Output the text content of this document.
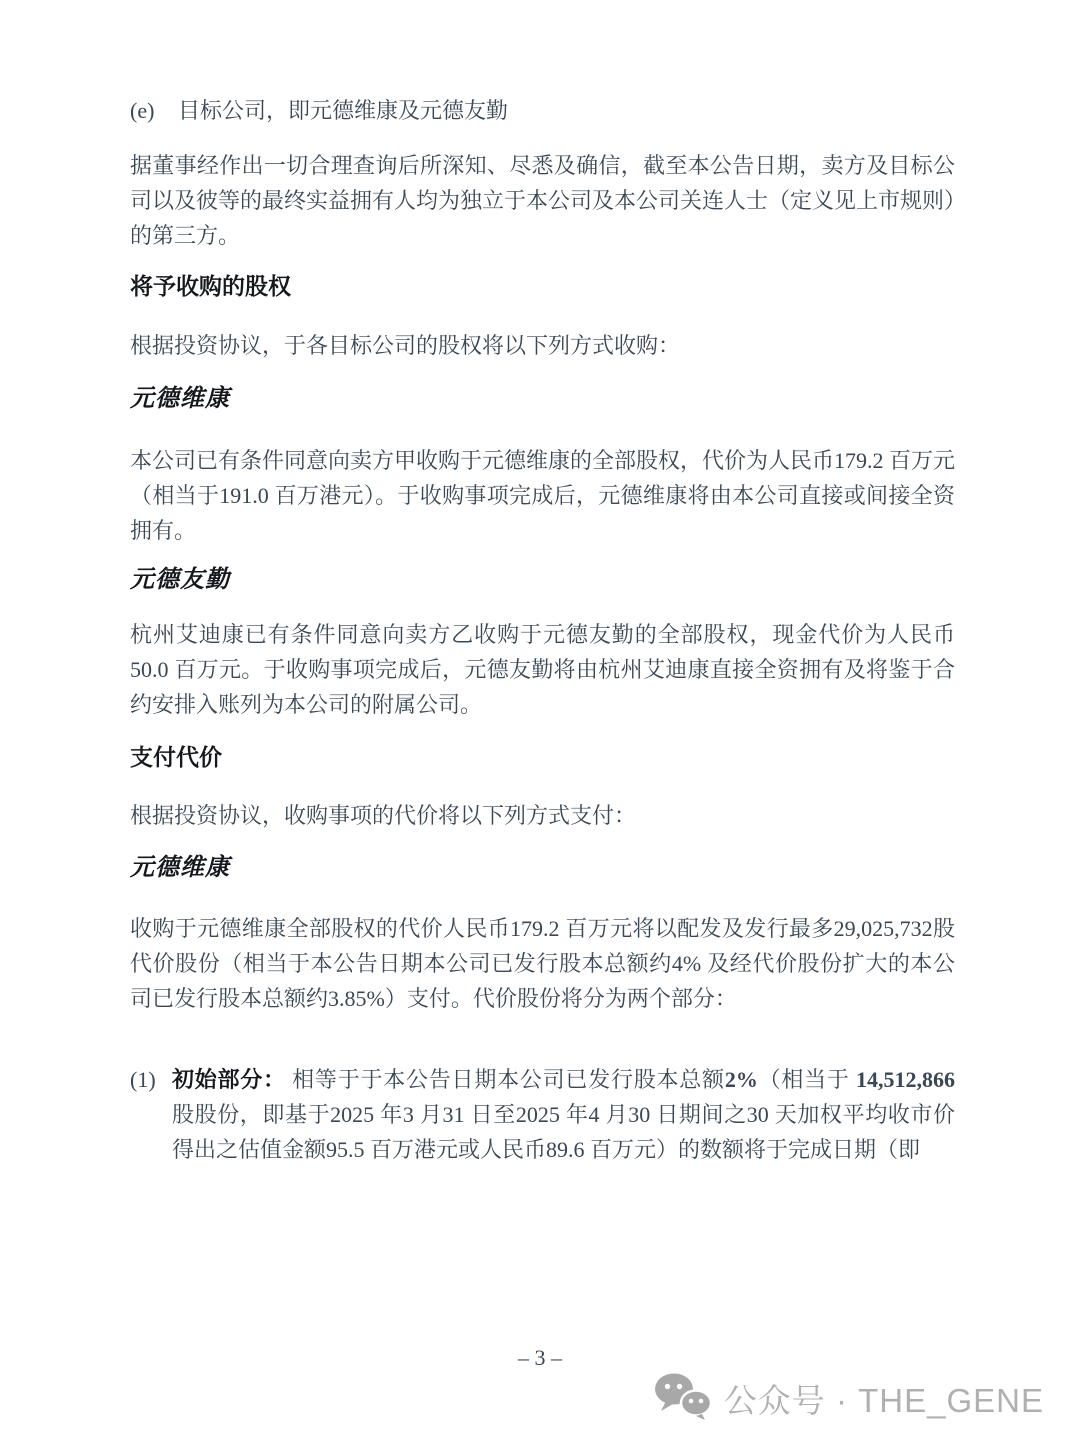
(e) 目标公司，即元德维康及元德友勤

据董事经作出一切合理查询后所深知、尽悉及确信，截至本公告日期，卖方及目标公司以及彼等的最终实益拥有人均为独立于本公司及本公司关连人士（定义见上市规则）的第三方。

将予收购的股权

根据投资协议，于各目标公司的股权将以下列方式收购：

元德维康

本公司已有条件同意向卖方甲收购于元德维康的全部股权，代价为人民币179.2 百万元（相当于191.0 百万港元）。于收购事项完成后，元德维康将由本公司直接或间接全资拥有。

元德友勤

杭州艾迪康已有条件同意向卖方乙收购于元德友勤的全部股权，现金代价为人民币50.0 百万元。于收购事项完成后，元德友勤将由杭州艾迪康直接全资拥有及将鉴于合约安排入账列为本公司的附属公司。

支付代价

根据投资协议，收购事项的代价将以下列方式支付：

元德维康

收购于元德维康全部股权的代价人民币179.2 百万元将以配发及发行最多29,025,732股代价股份（相当于本公告日期本公司已发行股本总额约4% 及经代价股份扩大的本公司已发行股本总额约3.85%）支付。代价股份将分为两个部分：

(1) 初始部分： 相等于于本公告日期本公司已发行股本总额2%（相当于 14,512,866 股股份，即基于2025 年3 月31 日至2025 年4 月30 日期间之30 天加权平均收市价得出之估值金额95.5 百万港元或人民币89.6 百万元）的数额将于完成日期（即
– 3 –
公众号 · THE_GENE
